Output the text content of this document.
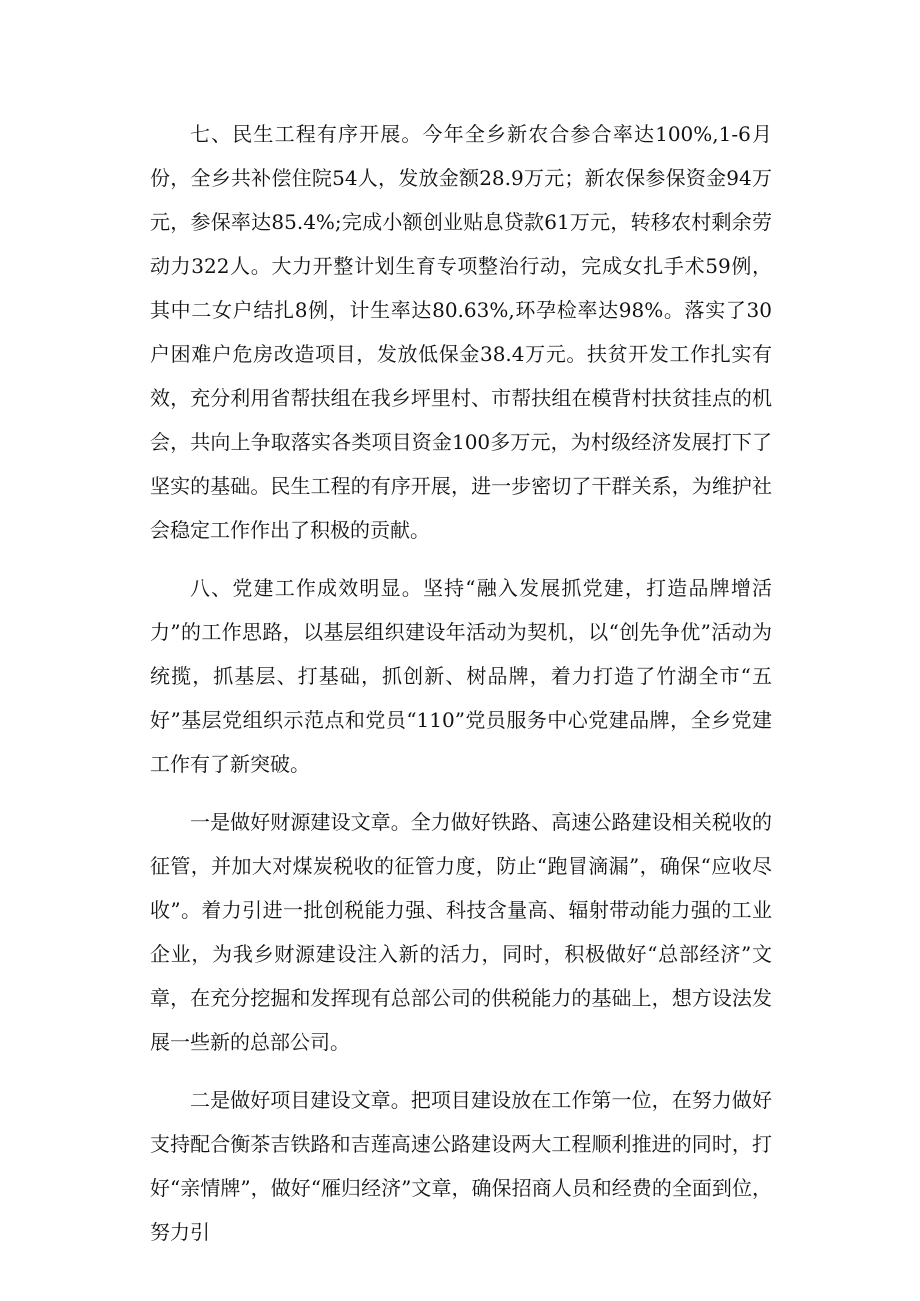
七、民生工程有序开展。今年全乡新农合参合率达100%,1-6月份，全乡共补偿住院54人，发放金额28.9万元；新农保参保资金94万元，参保率达85.4%;完成小额创业贴息贷款61万元，转移农村剩余劳动力322人。大力开整计划生育专项整治行动，完成女扎手术59例，其中二女户结扎8例，计生率达80.63%,环孕检率达98%。落实了30户困难户危房改造项目，发放低保金38.4万元。扶贫开发工作扎实有效，充分利用省帮扶组在我乡坪里村、市帮扶组在模背村扶贫挂点的机会，共向上争取落实各类项目资金100多万元，为村级经济发展打下了坚实的基础。民生工程的有序开展，进一步密切了干群关系，为维护社会稳定工作作出了积极的贡献。

八、党建工作成效明显。坚持“融入发展抓党建，打造品牌增活力”的工作思路，以基层组织建设年活动为契机，以“创先争优”活动为统揽，抓基层、打基础，抓创新、树品牌，着力打造了竹湖全市“五好”基层党组织示范点和党员“110”党员服务中心党建品牌，全乡党建工作有了新突破。

一是做好财源建设文章。全力做好铁路、高速公路建设相关税收的征管，并加大对煤炭税收的征管力度，防止“跑冒滴漏”，确保“应收尽收”。着力引进一批创税能力强、科技含量高、辐射带动能力强的工业企业，为我乡财源建设注入新的活力，同时，积极做好“总部经济”文章，在充分挖掘和发挥现有总部公司的供税能力的基础上，想方设法发展一些新的总部公司。

二是做好项目建设文章。把项目建设放在工作第一位，在努力做好支持配合衡茶吉铁路和吉莲高速公路建设两大工程顺利推进的同时，打好“亲情牌”，做好“雁归经济”文章，确保招商人员和经费的全面到位，努力引
